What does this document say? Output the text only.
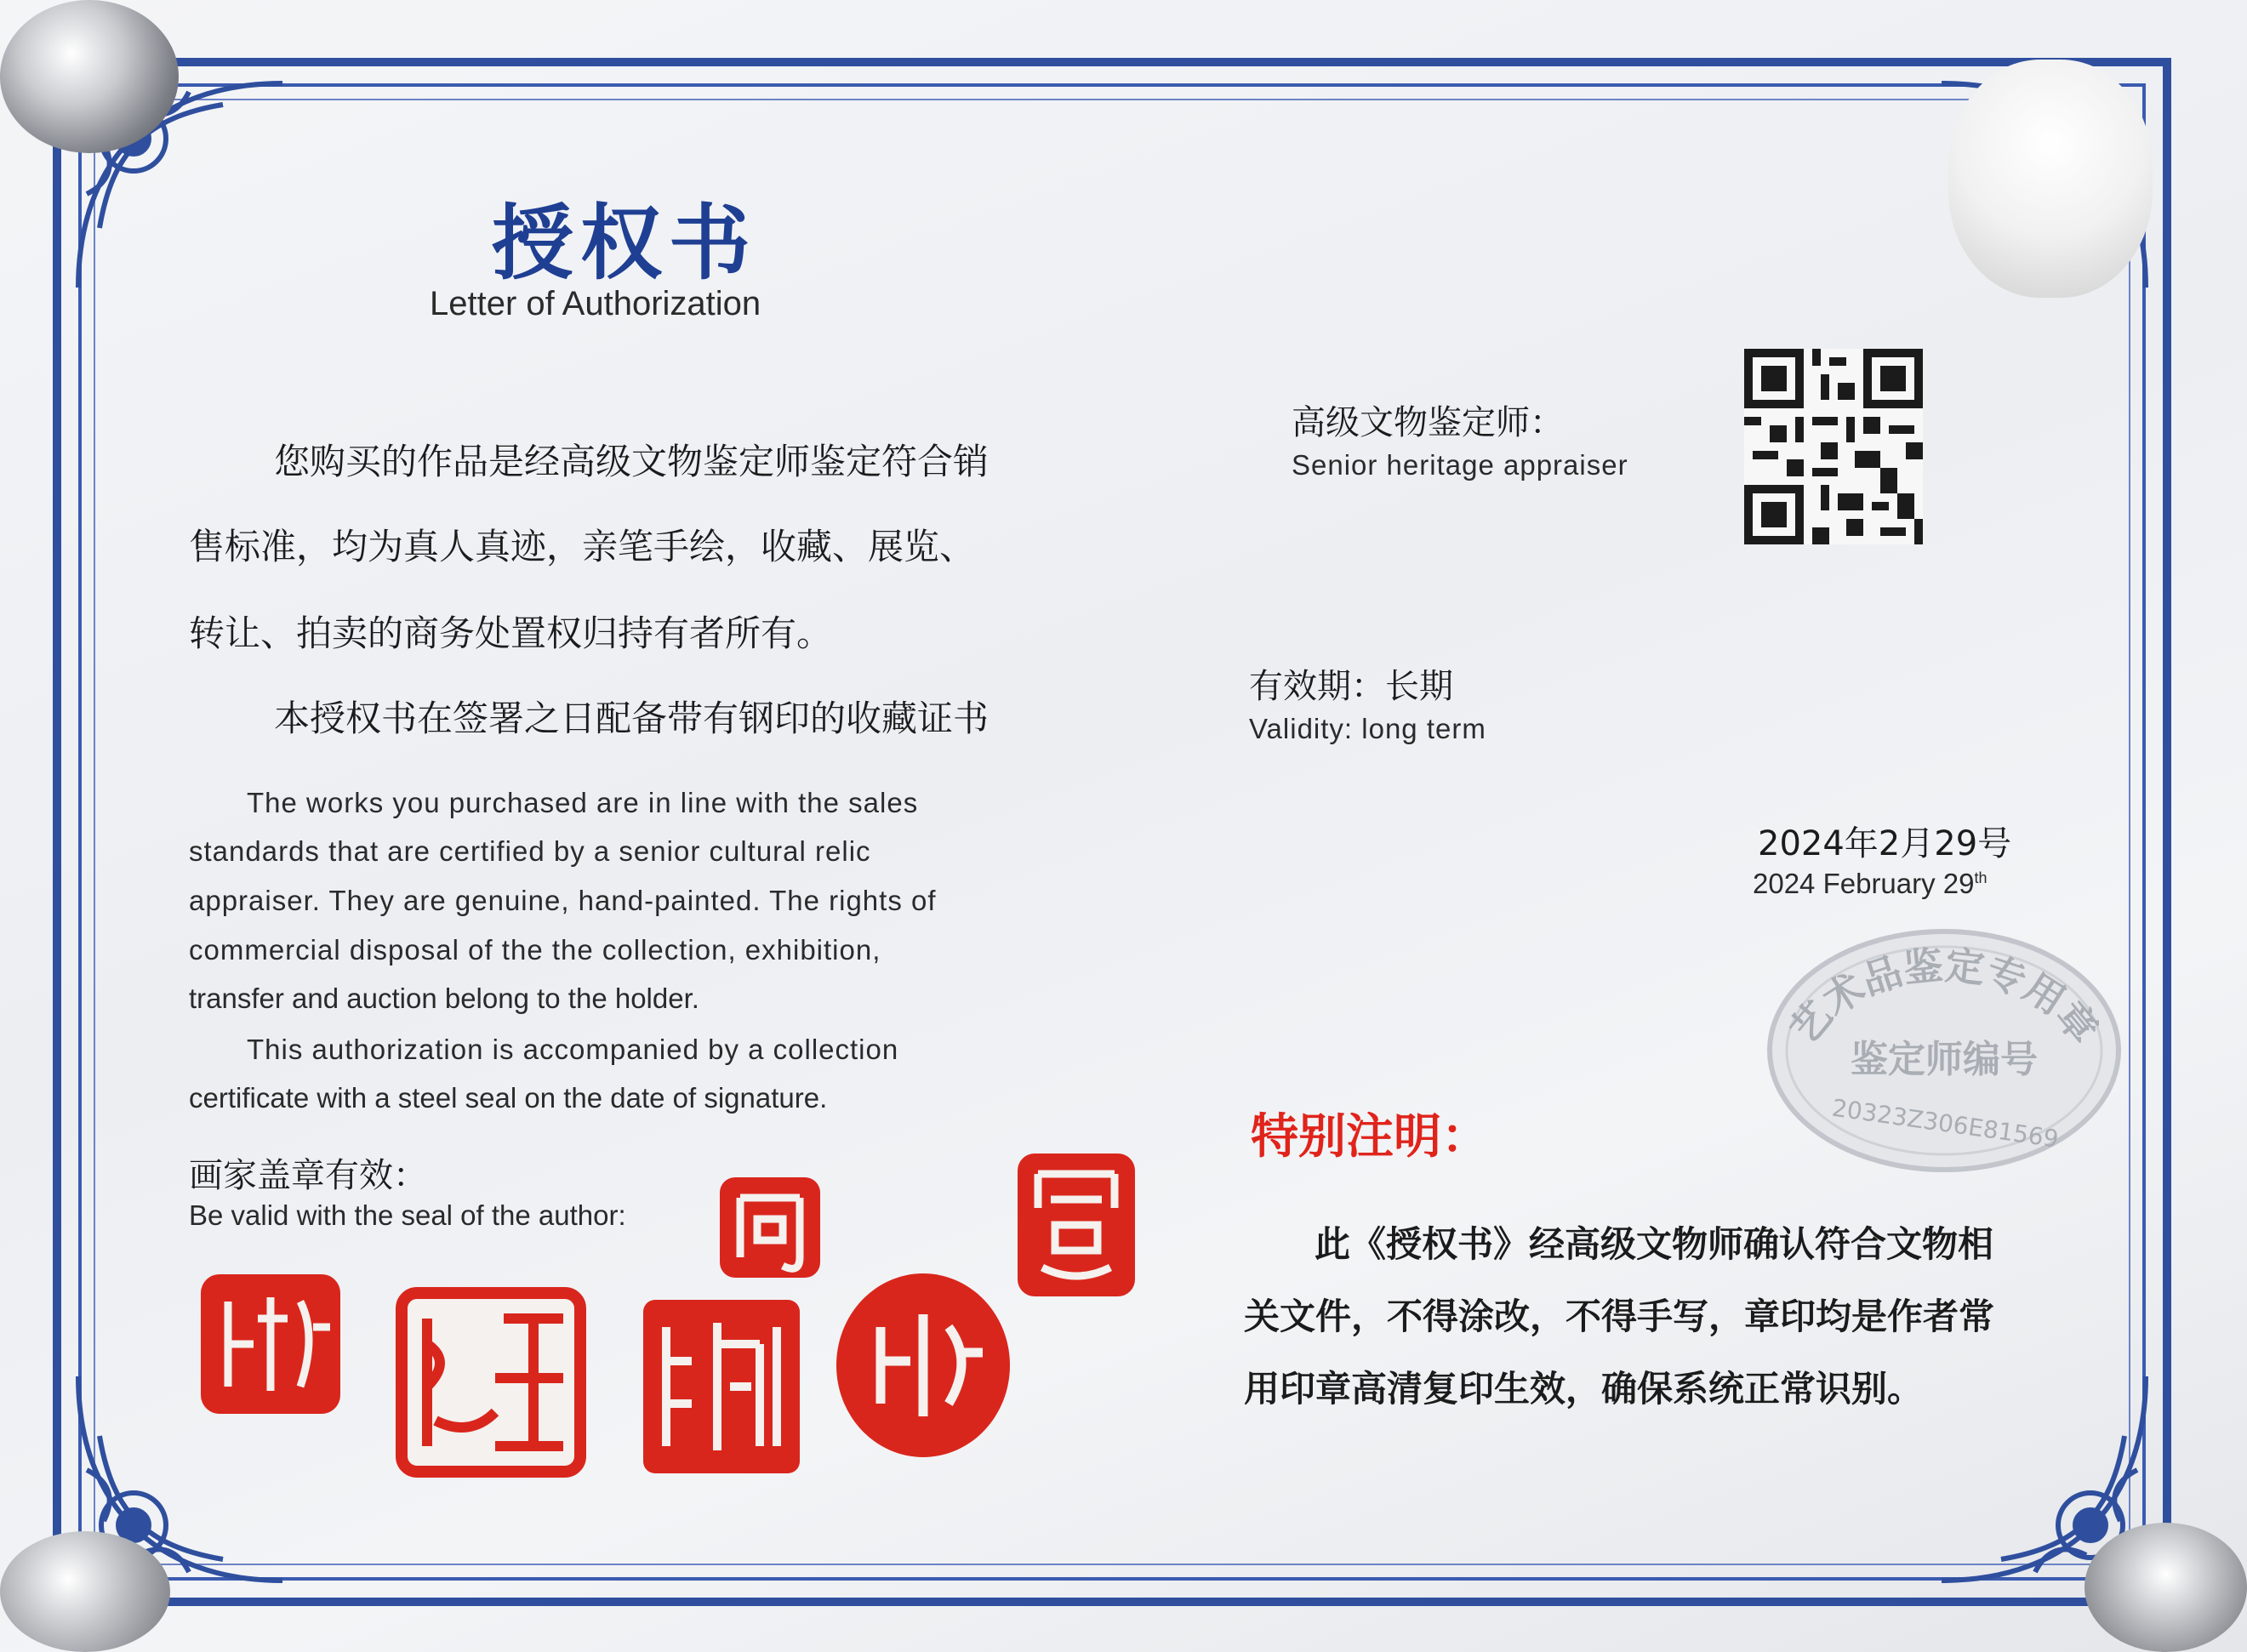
授权书
Letter of Authorization
您购买的作品是经高级文物鉴定师鉴定符合销
售标准，均为真人真迹，亲笔手绘，收藏、展览、
转让、拍卖的商务处置权归持有者所有。
本授权书在签署之日配备带有钢印的收藏证书
The works you purchased are in line with the sales
standards that are certified by a senior cultural relic
appraiser. They are genuine, hand-painted. The rights of
commercial disposal of the the collection, exhibition,
transfer and auction belong to the holder.
This authorization is accompanied by a collection
certificate with a steel seal on the date of signature.
画家盖章有效：
Be valid with the seal of the author:
高级文物鉴定师：
Senior heritage appraiser
有效期：长期
Validity: long term
2024年2月29号
2024 February 29th
艺术品鉴定专用章
鉴定师编号
20323Z306E81569
特别注明：
此《授权书》经高级文物师确认符合文物相
关文件，不得涂改，不得手写，章印均是作者常
用印章高清复印生效，确保系统正常识别。
